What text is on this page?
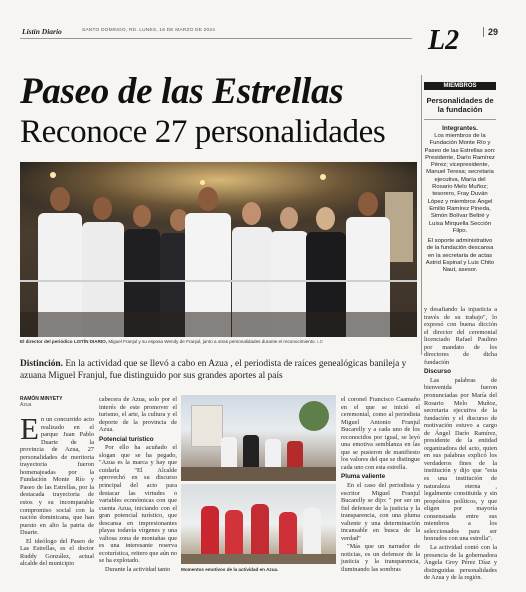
Listín Diario	SANTO DOMINGO, RD. LUNES, 18 DE MARZO DE 2024	L2	29
Paseo de las Estrellas
Reconoce 27 personalidades
El director del periódico LISTÍN DIARIO, Miguel Franjul y su esposa Wendy de Franjul, junto a otras personalidades durante el reconocimiento. LD
MIEMBROS
Personalidades de la fundación
Integrantes.
Los miembros de la Fundación Monte Río y Paseo de las Estrellas son: Presidente, Darío Ramírez Pérez; vicepresidente, Manuel Teresa; secretaria ejecutiva, María del Rosario Melo Muñoz; tesorero, Fray Duván López y miembros Ángel Emilio Ramírez Pineda, Simón Bolívar Beltré y Luisa Mirquella Sección Filpo.
El soporte administrativo de la fundación descansa en la secretaria de actas Astrid Espinal y Luis Chito Naut, asesor.
Distinción. En la actividad que se llevó a cabo en Azua , el periodista de raíces genealógicas banileja y azuana Miguel Franjul, fue distinguido por sus grandes aportes al país
RAMÓN MINYETY
Azua

En un concurrido acto realizado en el parque Juan Pablo Duarte de la provincia de Azua, 27 personalidades de meritoria trayectoria fueron homenajeadas por la Fundación Monte Río y Paseo de las Estrellas, por la destacada trayectoria de estos y su incomparable compromiso social con la nación dominicana, que han puesto en alto la patria de Duarte.

El ideólogo del Paseo de Las Estrellas, es el doctor Ruddy González, actual alcalde del municipio

cabecera de Azua, solo por el interés de este promover el turismo, el arte, la cultura y el deporte de la provincia de Azua.

Potencial turístico

Por ello ha acuñado el slogan que se ha pegado, "Azua es la marca y hay que cuidarla "El Alcalde aprovechó en su discurso principal del acto para destacar las virtudes o variables económicas con que cuenta Azua, iniciando con el gran potencial turístico, que descansa en impresionantes playas todavía vírgenes y una valiosa zona de montañas que es una interesante reserva ecoturística, reitero que aún no se ha explotado.

Durante la actividad tanto	Momentos emotivos de la actividad en Azua.

el coronel Francisco Caamaño en el que se inició el ceremonial, como al periodista Miguel Antonio Franjul Bucarelly y a cada uno de los reconocidos por igual, se leyó una emotiva semblanza en las que se pusieron de manifiesto los valores del que se distingue cada uno con esta estrella.

Pluma valiente

En el caso del periodista y escritor Miguel Franjul Bucarelly se dijo: " por ser un fiel defensor de la justicia y la transparencia, con una pluma valiente y una determinación incansable en busca de la verdad"

"Más que un narrador de noticias, es un defensor de la justicia y la transparencia, iluminando las sombras

y desafiando la injusticia a través de su trabajo", lo expresó con buena dicción el director del ceremonial licenciado Rafael Paulino por mandato de los directores de dicha fundación

Discurso

Las palabras de bienvenida fueron pronunciadas por María del Rosario Melo Muñoz, secretaria ejecutiva de la fundación y el discurso de motivación estuvo a cargo de Ángel Darío Ramírez, presidente de la entidad organizadora del acto, quien en sus palabras explicó los verdaderos fines de la institución y dijo que "esta es una institución de naturaleza eterna , legalmente constituida y sin propósitos políticos, y que eligen por mayoría consensuada entre sus miembros a los seleccionados para ser honrados con una estrella".

La actividad contó con la presencia de la gobernadora Ángela Grey Pérez Díaz y distinguidas personalidades de Azua y de la región.
